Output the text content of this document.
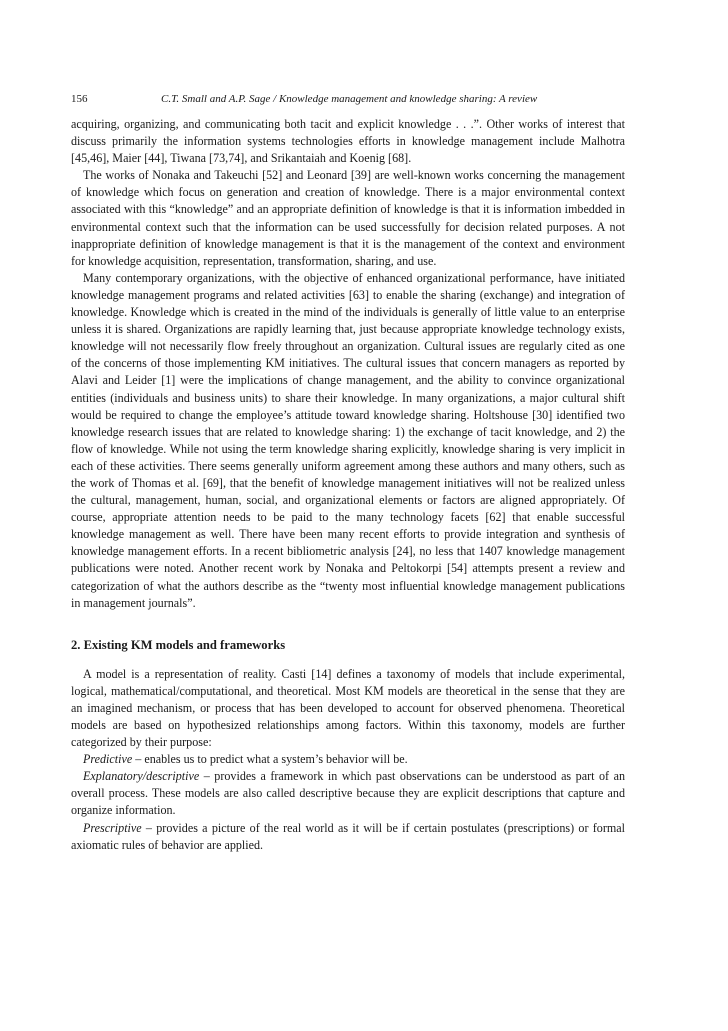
156	C.T. Small and A.P. Sage / Knowledge management and knowledge sharing: A review

acquiring, organizing, and communicating both tacit and explicit knowledge . . .”. Other works of interest that discuss primarily the information systems technologies efforts in knowledge management include Malhotra [45,46], Maier [44], Tiwana [73,74], and Srikantaiah and Koenig [68].

The works of Nonaka and Takeuchi [52] and Leonard [39] are well-known works concerning the management of knowledge which focus on generation and creation of knowledge. There is a major environmental context associated with this “knowledge” and an appropriate definition of knowledge is that it is information imbedded in environmental context such that the information can be used successfully for decision related purposes. A not inappropriate definition of knowledge management is that it is the management of the context and environment for knowledge acquisition, representation, transformation, sharing, and use.

Many contemporary organizations, with the objective of enhanced organizational performance, have initiated knowledge management programs and related activities [63] to enable the sharing (exchange) and integration of knowledge. Knowledge which is created in the mind of the individuals is generally of little value to an enterprise unless it is shared. Organizations are rapidly learning that, just because appropriate knowledge technology exists, knowledge will not necessarily flow freely throughout an organization. Cultural issues are regularly cited as one of the concerns of those implementing KM initiatives. The cultural issues that concern managers as reported by Alavi and Leider [1] were the implications of change management, and the ability to convince organizational entities (individuals and business units) to share their knowledge. In many organizations, a major cultural shift would be required to change the employee’s attitude toward knowledge sharing. Holtshouse [30] identified two knowledge research issues that are related to knowledge sharing: 1) the exchange of tacit knowledge, and 2) the flow of knowledge. While not using the term knowledge sharing explicitly, knowledge sharing is very implicit in each of these activities. There seems generally uniform agreement among these authors and many others, such as the work of Thomas et al. [69], that the benefit of knowledge management initiatives will not be realized unless the cultural, management, human, social, and organizational elements or factors are aligned appropriately. Of course, appropriate attention needs to be paid to the many technology facets [62] that enable successful knowledge management as well. There have been many recent efforts to provide integration and synthesis of knowledge management efforts. In a recent bibliometric analysis [24], no less that 1407 knowledge management publications were noted. Another recent work by Nonaka and Peltokorpi [54] attempts present a review and categorization of what the authors describe as the “twenty most influential knowledge management publications in management journals”.

2. Existing KM models and frameworks

A model is a representation of reality. Casti [14] defines a taxonomy of models that include experimental, logical, mathematical/computational, and theoretical. Most KM models are theoretical in the sense that they are an imagined mechanism, or process that has been developed to account for observed phenomena. Theoretical models are based on hypothesized relationships among factors. Within this taxonomy, models are further categorized by their purpose:

Predictive – enables us to predict what a system’s behavior will be.

Explanatory/descriptive – provides a framework in which past observations can be understood as part of an overall process. These models are also called descriptive because they are explicit descriptions that capture and organize information.

Prescriptive – provides a picture of the real world as it will be if certain postulates (prescriptions) or formal axiomatic rules of behavior are applied.
